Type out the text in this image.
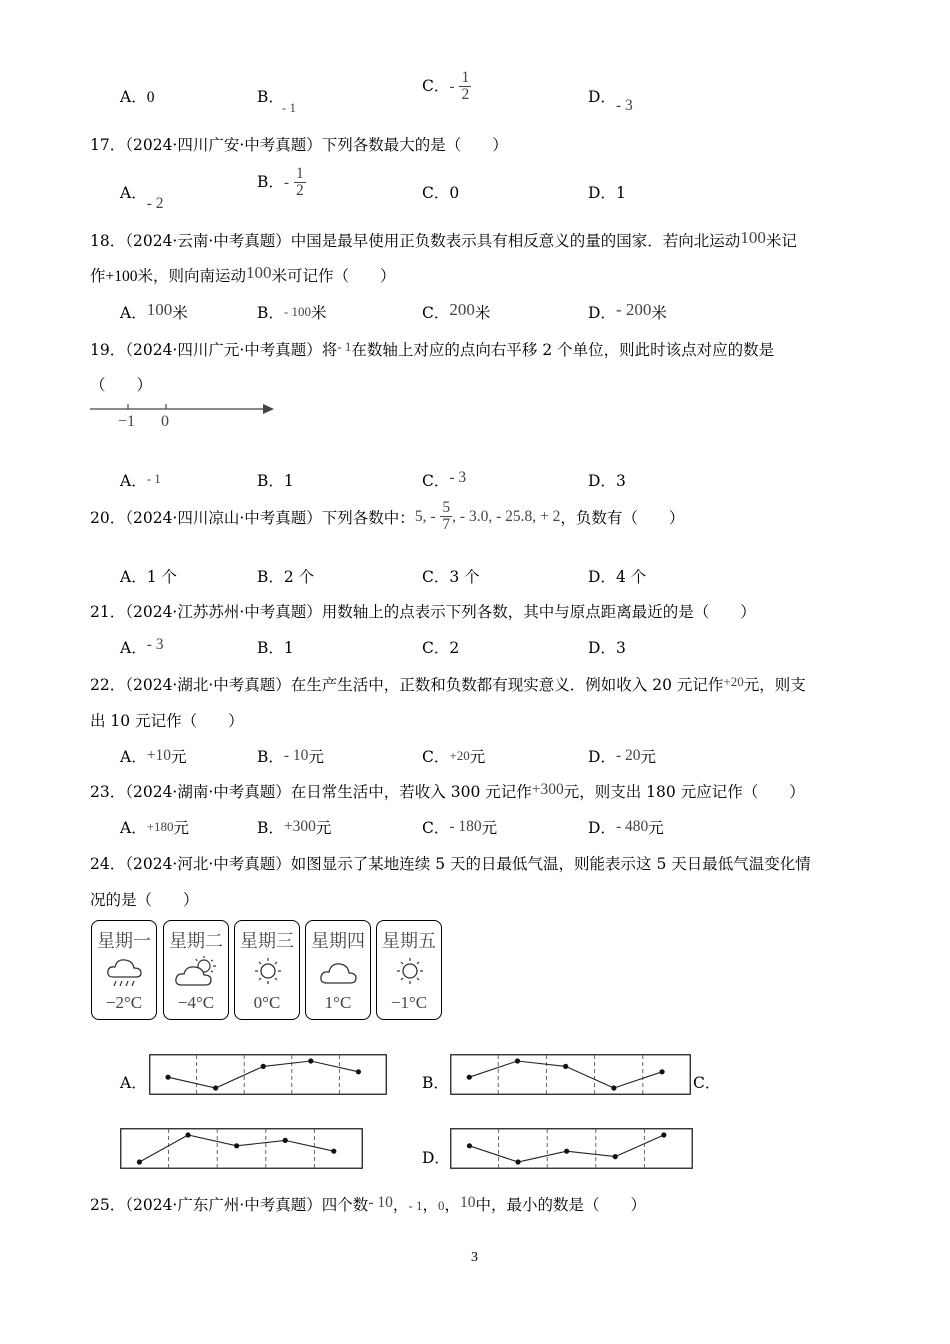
A．0	B．$_{- 1}$
C．- $\frac{1}{2}$	D．- 3
17．（2024·四川广安·中考真题）下列各数最大的是（　　）
A．- 2
B．- $\frac{1}{2}$	C．0	D．1
18．（2024·云南·中考真题）中国是最早使用正负数表示具有相反意义的量的国家．若向北运动100米记
作+100米，则向南运动100米可记作（　　）
A．100米	B．- 100米	C．200米	D．- 200米
19．（2024·四川广元·中考真题）将$^{- 1}$在数轴上对应的点向右平移 2 个单位，则此时该点对应的数是
（　　）
−1 0
A．- 1	B．1	C．- 3	D．3
20．（2024·四川凉山·中考真题）下列各数中：5, - $\frac{5}{7}$ , - 3.0, - 25.8, + 2，负数有（　　）
A．1 个	B．2 个	C．3 个	D．4 个
21．（2024·江苏苏州·中考真题）用数轴上的点表示下列各数，其中与原点距离最近的是（　　）
A．- 3	B．1	C．2	D．3
22．（2024·湖北·中考真题）在生产生活中，正数和负数都有现实意义．例如收入 20 元记作$^{+20}$元，则支
出 10 元记作（　　）
A．+10元	B．- 10元	C．+20元	D．- 20元
23．（2024·湖南·中考真题）在日常生活中，若收入 300 元记作+300元，则支出 180 元应记作（　　）
A．+180元	B．+300元	C．- 180元	D．- 480元
24．（2024·河北·中考真题）如图显示了某地连续 5 天的日最低气温，则能表示这 5 天日最低气温变化情
况的是（　　）
星期一
−2°C
星期二
−4°C
星期三
0°C
星期四
1°C
星期五
−1°C
A．	B．	C．
D．
25．（2024·广东广州·中考真题）四个数- 10，- 1，0，10中，最小的数是（　　）
3
